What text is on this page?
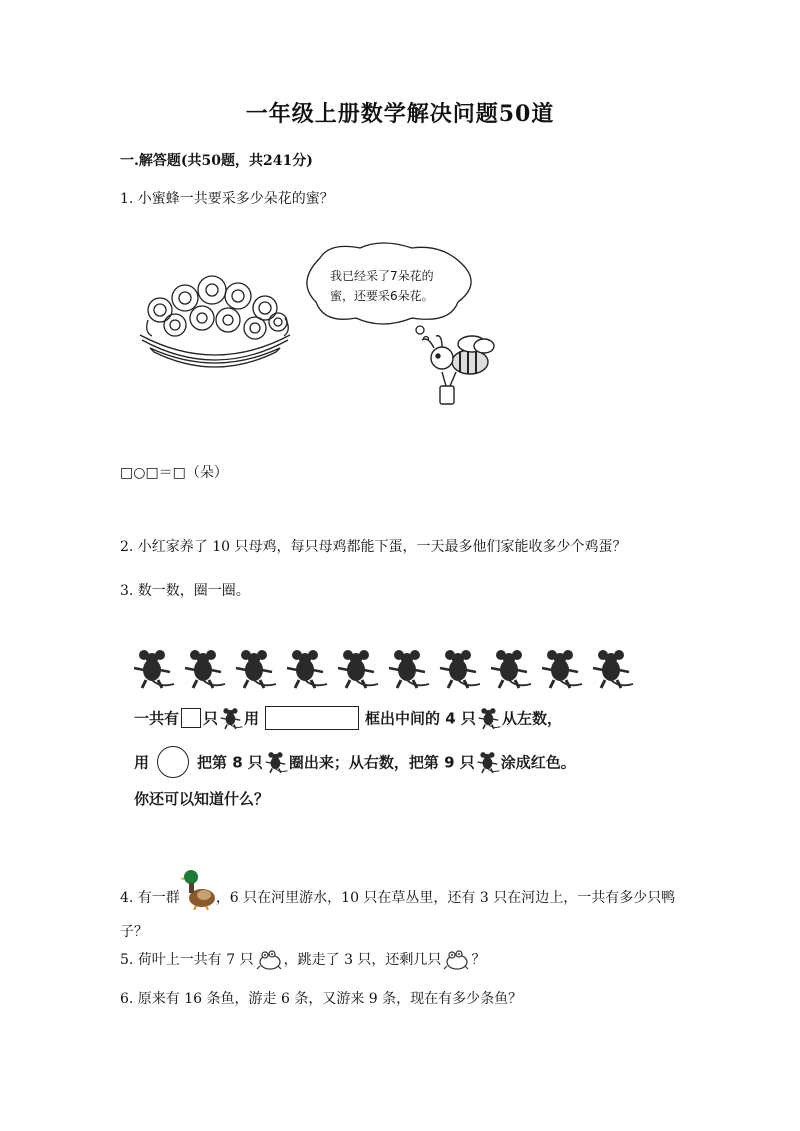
一年级上册数学解决问题50道
一.解答题(共50题，共241分)
1. 小蜜蜂一共要采多少朵花的蜜？
我已经采了7朵花的
蜜，还要采6朵花。
□○□＝□（朵）
2. 小红家养了 10 只母鸡，每只母鸡都能下蛋，一天最多他们家能收多少个鸡蛋？
3. 数一数，圈一圈。
一共有 只 用	框出中间的 4 只 从左数，
用	把第 8 只 圈出来；从右数，把第 9 只 涂成红色。
你还可以知道什么？
4. 有一群	，6 只在河里游水，10 只在草丛里，还有 3 只在河边上，一共有多少只鸭子？
5. 荷叶上一共有 7 只 ，跳走了 3 只，还剩几只 ？
6. 原来有 16 条鱼，游走 6 条，又游来 9 条，现在有多少条鱼？
